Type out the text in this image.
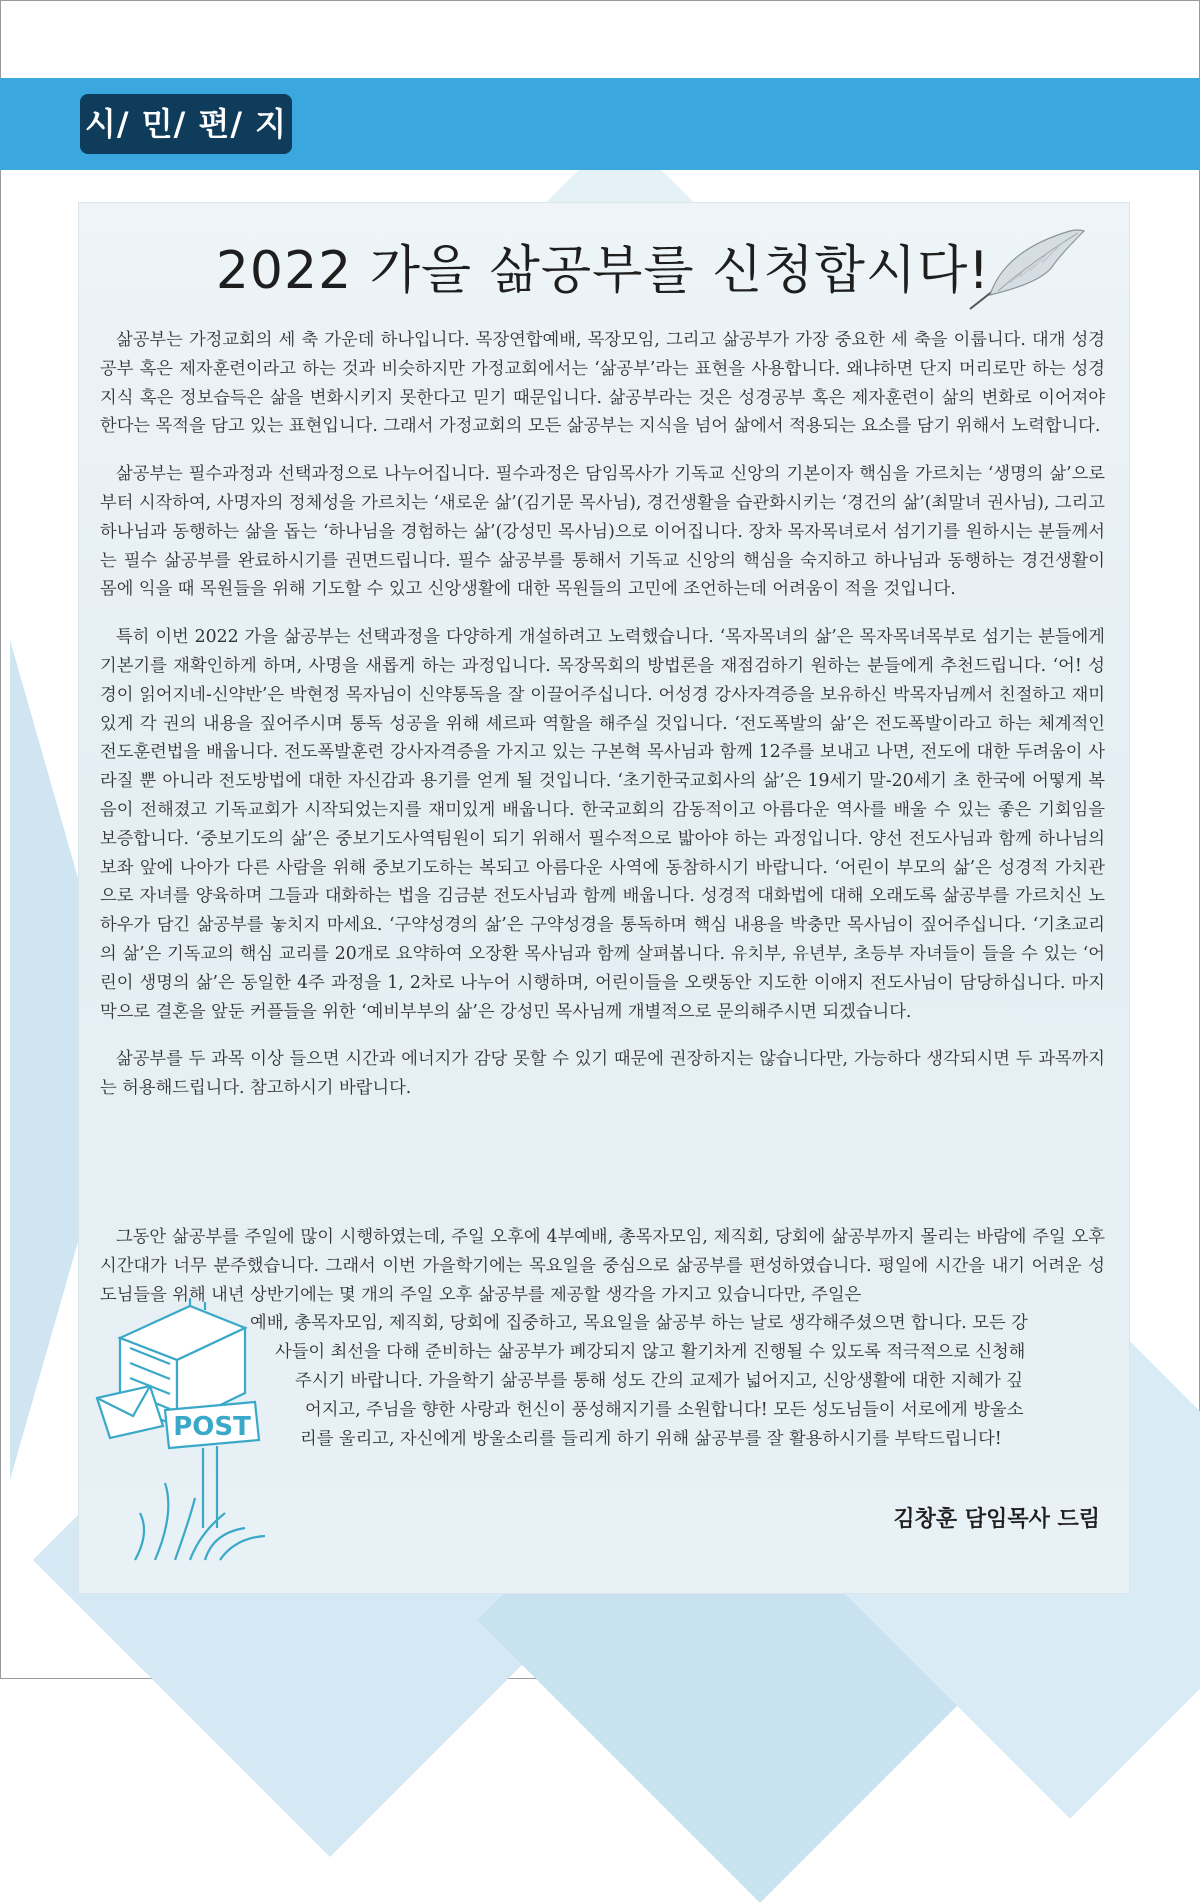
시/ 민/ 편/ 지
2022 가을 삶공부를 신청합시다!

삶공부는 가정교회의 세 축 가운데 하나입니다. 목장연합예배, 목장모임, 그리고 삶공부가 가장 중요한 세 축을 이룹니다. 대개 성경공부 혹은 제자훈련이라고 하는 것과 비슷하지만 가정교회에서는 ‘삶공부’라는 표현을 사용합니다. 왜냐하면 단지 머리로만 하는 성경지식 혹은 정보습득은 삶을 변화시키지 못한다고 믿기 때문입니다. 삶공부라는 것은 성경공부 혹은 제자훈련이 삶의 변화로 이어져야 한다는 목적을 담고 있는 표현입니다. 그래서 가정교회의 모든 삶공부는 지식을 넘어 삶에서 적용되는 요소를 담기 위해서 노력합니다.

삶공부는 필수과정과 선택과정으로 나누어집니다. 필수과정은 담임목사가 기독교 신앙의 기본이자 핵심을 가르치는 ‘생명의 삶’으로부터 시작하여, 사명자의 정체성을 가르치는 ‘새로운 삶’(김기문 목사님), 경건생활을 습관화시키는 ‘경건의 삶’(최말녀 권사님), 그리고 하나님과 동행하는 삶을 돕는 ‘하나님을 경험하는 삶’(강성민 목사님)으로 이어집니다. 장차 목자목녀로서 섬기기를 원하시는 분들께서는 필수 삶공부를 완료하시기를 권면드립니다. 필수 삶공부를 통해서 기독교 신앙의 핵심을 숙지하고 하나님과 동행하는 경건생활이 몸에 익을 때 목원들을 위해 기도할 수 있고 신앙생활에 대한 목원들의 고민에 조언하는데 어려움이 적을 것입니다.

특히 이번 2022 가을 삶공부는 선택과정을 다양하게 개설하려고 노력했습니다. ‘목자목녀의 삶’은 목자목녀목부로 섬기는 분들에게 기본기를 재확인하게 하며, 사명을 새롭게 하는 과정입니다. 목장목회의 방법론을 재점검하기 원하는 분들에게 추천드립니다. ‘어! 성경이 읽어지네-신약반’은 박현정 목자님이 신약통독을 잘 이끌어주십니다. 어성경 강사자격증을 보유하신 박목자님께서 친절하고 재미있게 각 권의 내용을 짚어주시며 통독 성공을 위해 셰르파 역할을 해주실 것입니다. ‘전도폭발의 삶’은 전도폭발이라고 하는 체계적인 전도훈련법을 배웁니다. 전도폭발훈련 강사자격증을 가지고 있는 구본혁 목사님과 함께 12주를 보내고 나면, 전도에 대한 두려움이 사라질 뿐 아니라 전도방법에 대한 자신감과 용기를 얻게 될 것입니다. ‘초기한국교회사의 삶’은 19세기 말-20세기 초 한국에 어떻게 복음이 전해졌고 기독교회가 시작되었는지를 재미있게 배웁니다. 한국교회의 감동적이고 아름다운 역사를 배울 수 있는 좋은 기회임을 보증합니다. ‘중보기도의 삶’은 중보기도사역팀원이 되기 위해서 필수적으로 밟아야 하는 과정입니다. 양선 전도사님과 함께 하나님의 보좌 앞에 나아가 다른 사람을 위해 중보기도하는 복되고 아름다운 사역에 동참하시기 바랍니다. ‘어린이 부모의 삶’은 성경적 가치관으로 자녀를 양육하며 그들과 대화하는 법을 김금분 전도사님과 함께 배웁니다. 성경적 대화법에 대해 오래도록 삶공부를 가르치신 노하우가 담긴 삶공부를 놓치지 마세요. ‘구약성경의 삶’은 구약성경을 통독하며 핵심 내용을 박충만 목사님이 짚어주십니다. ‘기초교리의 삶’은 기독교의 핵심 교리를 20개로 요약하여 오장환 목사님과 함께 살펴봅니다. 유치부, 유년부, 초등부 자녀들이 들을 수 있는 ‘어린이 생명의 삶’은 동일한 4주 과정을 1, 2차로 나누어 시행하며, 어린이들을 오랫동안 지도한 이애지 전도사님이 담당하십니다. 마지막으로 결혼을 앞둔 커플들을 위한 ‘예비부부의 삶’은 강성민 목사님께 개별적으로 문의해주시면 되겠습니다.

삶공부를 두 과목 이상 들으면 시간과 에너지가 감당 못할 수 있기 때문에 권장하지는 않습니다만, 가능하다 생각되시면 두 과목까지는 허용해드립니다. 참고하시기 바랍니다.

그동안 삶공부를 주일에 많이 시행하였는데, 주일 오후에 4부예배, 총목자모임, 제직회, 당회에 삶공부까지 몰리는 바람에 주일 오후 시간대가 너무 분주했습니다. 그래서 이번 가을학기에는 목요일을 중심으로 삶공부를 편성하였습니다. 평일에 시간을 내기 어려운 성도님들을 위해 내년 상반기에는 몇 개의 주일 오후 삶공부를 제공할 생각을 가지고 있습니다만, 주일은

예배, 총목자모임, 제직회, 당회에 집중하고, 목요일을 삶공부 하는 날로 생각해주셨으면 합니다. 모든 강

사들이 최선을 다해 준비하는 삶공부가 폐강되지 않고 활기차게 진행될 수 있도록 적극적으로 신청해

주시기 바랍니다. 가을학기 삶공부를 통해 성도 간의 교제가 넓어지고, 신앙생활에 대한 지혜가 깊

어지고, 주님을 향한 사랑과 헌신이 풍성해지기를 소원합니다! 모든 성도님들이 서로에게 방울소

리를 울리고, 자신에게 방울소리를 들리게 하기 위해 삶공부를 잘 활용하시기를 부탁드립니다!

POST
김창훈 담임목사 드림
